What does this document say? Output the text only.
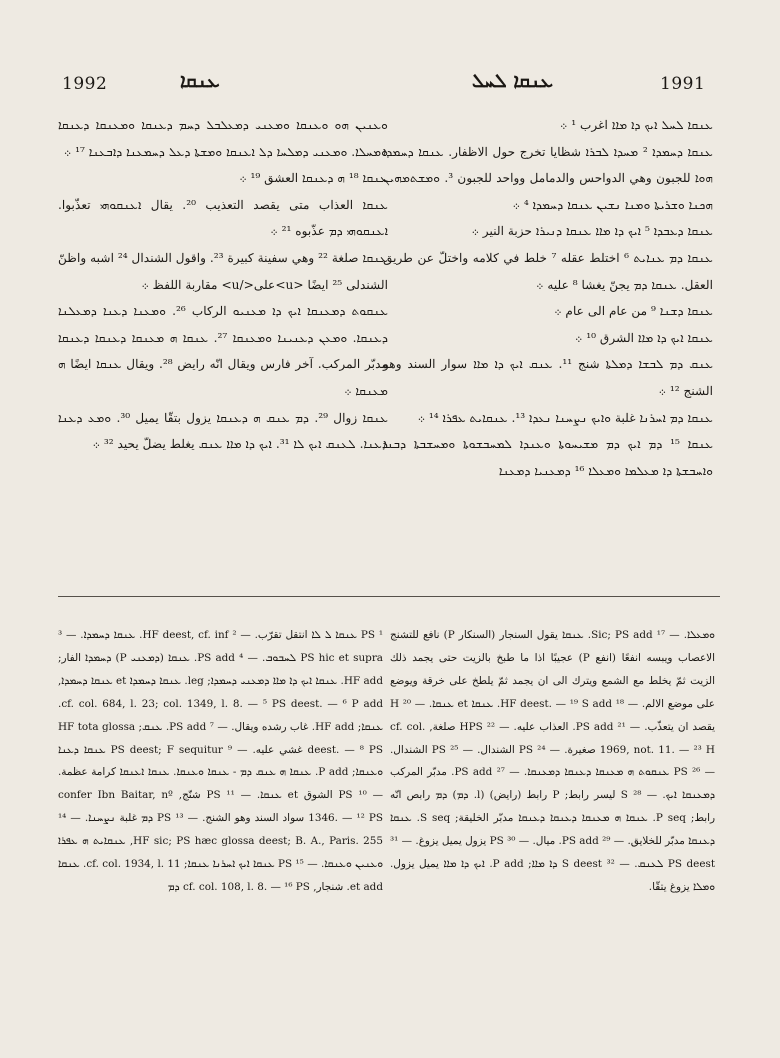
1992	ܥܢܩܐ	ܥܢܩܐ ܠܚܠ	1991

ܥܢܩܐ ܠܚܠ ܐܝܟ ܕܐ ܡܐܐ اغرب ¹ ܀

ܥܢܩܐ ܕܚܡܕܐ ² ܡܚܕܐ ܠܒܪܐ شظايا تخرج حول الاظفار. ܥܢܩܐ ܕܚܡܕܐ ܗܘܐ للجبون وهي الدواحس والدمامل وواحد للجبون ³. ܘܡܫܬܡܗܝܢ ܗܟܢܐ ܘܫܪܝܬܐ ܘܡܢܐ ܢܫܝܢ ܥܢܩܐ ܕܚܡܕܐ ⁴ ܀

ܥܢܩܐ ܕܥܒܕܐ ⁵ ܐܝܟ ܕܐ ܡܐܐ ܥܢܩܐ ܕܢܝܪܐ حزبة النير ܀

ܥܢܩܐ ܕܡ ܥܢܐܝܬ ⁶ اختلط عقله ⁷ خلط في كلامه واختلّ عن طريق العقل. ܥܢܩܐ ܕܡ يجنّ يغشا ⁸ عليه ܀

ܥܢܩܐ ܕܫܢܐ ⁹ من عام الى عام ܀

ܥܢܩܐ ܐܝܟ ܕܐ ܡܐܐ الشرق ¹⁰ ܀

ܥܢܩ ܕܡ ܠܒܫܐ ܕܡܠܬܐ شنج ¹¹. ܥܢܩ ܐܝܟ ܕܐ ܡܐܐ سوار السند وهو الشنج ¹² ܀

ܥܢܩܐ ܕܡ ܐܚܪܢܐ غلبة ܘܐܝܟ ܢܨܚܢܐ ܢܥܕܐ ¹³. ܥܢܩܐܝܬ ܥܦܪܐ ¹⁴ ܀

ܥܢܩܐ ¹⁵ ܕܡ ܐܝܟ ܕܡ ܡܫܝܚܘܬܐ ܘܥܢܕܐ ܠܡܚܒܫܘܬܐ ܘܡܚܫܒܬܐ ܕܒܢܐ ܘܐܚܒܫܬܐ ܕܐ ܡܥܠܡܐ ܘܡܥܠܐ ¹⁶ ܕܡܥܢܝܐ ܕܡܥܢܐ

ܘܥܢܝܢ ܗܘ ܘܥܢܩܐ ܘܡܥܢܝ ܕܡܥܠܒܠ ܕܚܡ ܕܥܢܩܐ ܘܡܥܢܩܐ ܕܥܢܩܐ ܘܡܚܠܐ. ܘܡܥܢܝ ܕܡܠܚܐ ܕܠ ܐܥܢܩܐ ܘܡܫܬܐ ܕܥܠ ܕܚܡܥܢܐ ܕܐܒܥܢܐ ¹⁷ ܀

ܥܢܩܐ ¹⁸ ܗ ܕܥܢܩܐ العشق ¹⁹ ܀

ܥܢܩܐ العذاب متى يقصد التعذيب ²⁰. يقال ܐܥܢܩܘܗܝ تعذّبوا. ܐܥܢܩܘܗܝ ܕܡ عذّبوه ²¹ ܀

ܥܢܩܐ صلغة ²² وهي سفينة كبيرة ²³. واقول الشندال ²⁴ اشبه واظنّ الشندلى ²⁵ ايضًا <u>على</u> مقاربة اللفظ ܀

ܥܢܩܘܬ ܕܡܥܢܩܐ ܐܝܟ ܕܐ ܡܥܢܝܘ الركاب ²⁶. ܘܡܥܢܐ ܕܥܢܐ ܕܡܥܠܢܐ ܕܥܢܩܐ. ܘܡܥܢ ܕܥܢܝܢܐ ܘܡܥܢܩܐ ²⁷. ܥܢܩܐ ܗ ܡܥܢܩܐ ܕܥܢܩܐ ܕܥܢܩܐ مدبّر المركب. آخر فارس ويقال انّه رايض ²⁸. ويقال ܥܢܩܐ ايضًا ܗ ܡܥܢܩܐ ܀

ܥܢܩܐ زوال ²⁹. ܕܡ ܥܢܩ ܗ ܕܥܢܩܐ يزول بتقّا يميل ³⁰. ܘܡܥ ܕܥܢܐ ܕܥܢܐ. ܠܥܢܩ ܐܝܟ ܠܐ ³¹. ܐܝܟ ܕܐ ܡܐܐ ܥܢܩ يغلط يضلّ يحيد ³² ܀

¹ PS ܥܢܩܐ ܠ ܠܐ انتقل تقرّب. — ² HF deest, cf. inf. ܥܢܩܐ ܕܚܡܕܐ. — ³ PS hic et supra ܠܚܒܘܒ. — ⁴ PS add. ܥܢܩܐ (ܕܡܥܢܝ P) ܕܚܡܕܐ الفار; HF add. ܥܢܩܐ ܐܝܟ ܕܐ ܡܐܐ ܕܡܥܢܝ ܕܚܡܕܐ; leg. ܥܢܩܐ ܕܚܡܕܐ et ܥܢܩܐ ܕܚܡܕܐ, cf. col. 684, l. 23; col. 1349, l. 8. — ⁵ PS deest. — ⁶ P add. ܥܢܩܐ; HF add. غاب رشده ويقال. — ⁷ PS add. ܥܢܩ; HF tota glossa deest. — ⁸ PS غشي عليه. — ⁹ PS deest; F sequitur ܥܢܩܐ ܕܥܢܐ ܘܥܢܩܐ; P add. ܥܢܩܐ ܗ ܥܢܩ ܕܡ - ܥܢܩܐ ܘܥܢܩܐ. ܥܢܩܐ ܐܥܢܩܐ كرامة عظمة. — ¹⁰ PS الشوق et ܥܢܩܐ. — ¹¹ PS شنّج, confer Ibn Baitar, nº 1346. — ¹² PS سواد السند وهو الشنج. — ¹³ PS ܕܡ غلبة ܢܨܚܢܐ. — ¹⁴ HF sic; PS hæc glossa deest; B. A., Paris. 255, ܥܢܩܐܝܬ ܗ ܥܦܪܐ ܘܥܢܝܢ ܘܥܢܩܐ. — ¹⁵ PS ܥܢܩܐ ܐܝܟ ܐܚܪܢܐ ܥܢܩܐ; cf. col. 1934, l. 11. ܥܢܩܐ et add. شنجار, cf. col. 108, l. 8. — ¹⁶ PS ܕܡ

ܘܡܥܠܐ. — ¹⁷ Sic; PS add. ܥܢܩܐ يقول السنجار (السنكار P) نافع للتشنج الاعصاب ويبسه انفعًا (انفع P) عجيبًا اذا ما طبخ بالزيت حتى يجمد ذلك الزيت ثمّ يخلط مع الشمع ويترك الى ان يجمد ثمّ يلطخ على خرقة ويوضع على موضع الالم. — ¹⁸ HF deest. — ¹⁹ S add. ܥܢܩܐ et ܥܢܩܐ. — ²⁰ H يقصد ان يتعذّب. — ²¹ PS add. العذاب عليه. — ²² HPS صلغة, cf. col. 1969, not. 11. — ²³ H صغيرة. — ²⁴ PS الشندال. — ²⁵ PS الشندال. — ²⁶ PS ܥܢܩܘܬ ܗ ܡܥܢܩܐ ܕܥܢܩܐ ܕܡܥܢܩܐ. — ²⁷ PS add. مدبّر المركب ܕܡܥܢܩܐ ܐܝܟ. — ²⁸ S ليسر رابط; P رابط (رايض) (l. ܕܡ) ܕܡ رابص انّه رابط; P seq. ܥܢܩܐ ܗ ܡܥܢܩܐ ܕܥܢܩܐ ܕܥܢܩܐ مدبّر الخليقة; S seq. ܥܢܩܐ ܕܥܢܩܐ مدبّر للخلايق. — ²⁹ PS add. ميال. — ³⁰ PS يزول يميل يزوغ. — ³¹ PS deest ܠܥܢܩ. — ³² S deest ܕܐ ܡܐܐ; P add. ܐܝܟ ܕܐ ܡܐܐ يميل يزول. ܘܡܠܐ يزوغ يتقّا.
